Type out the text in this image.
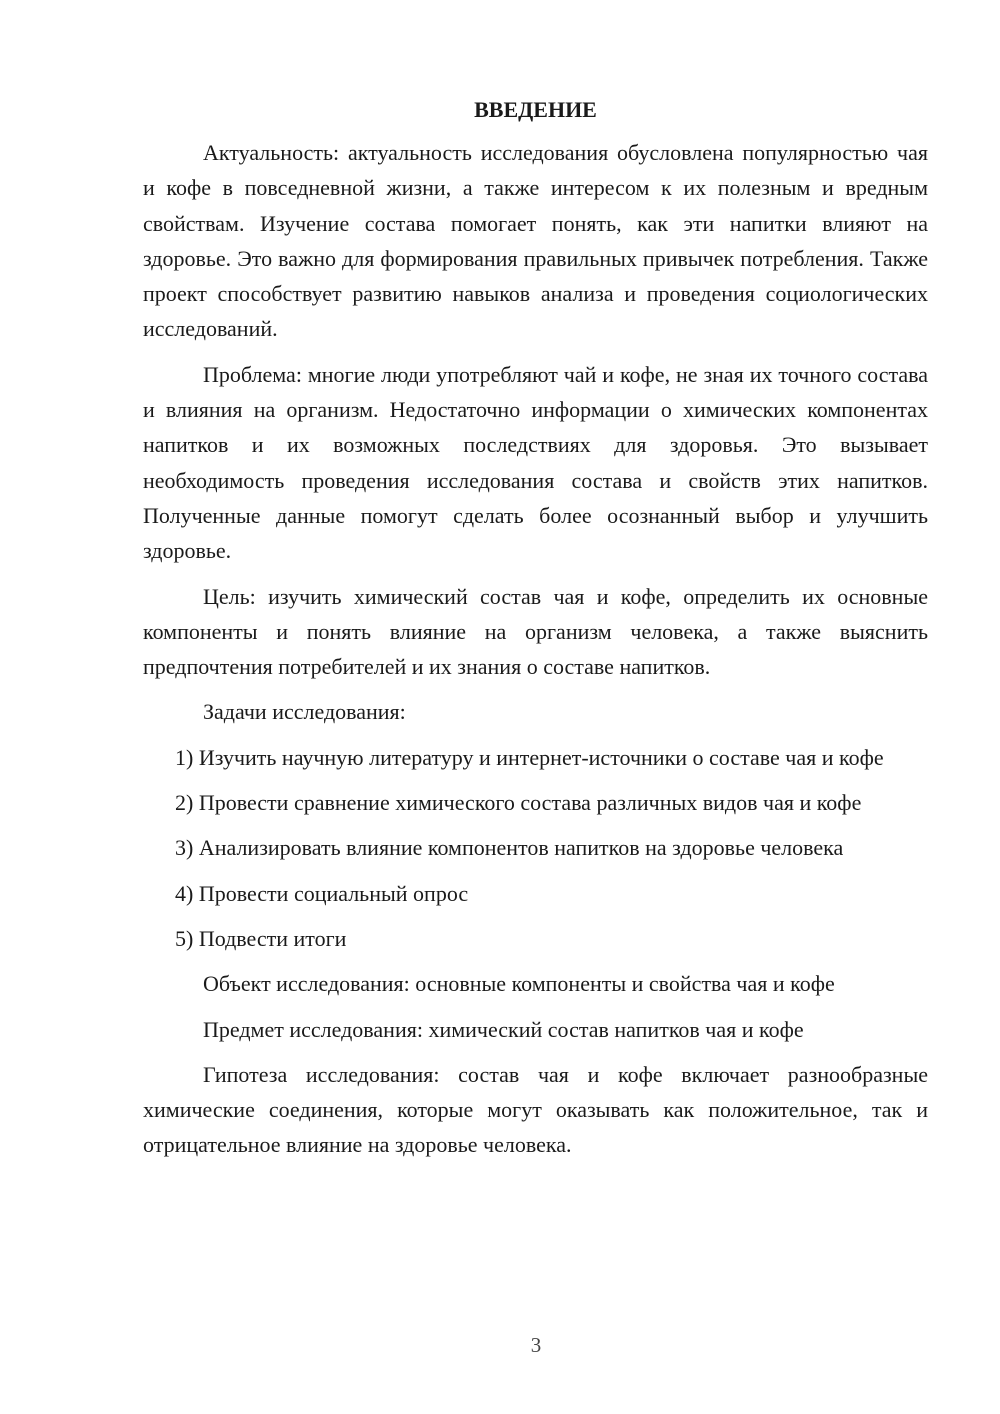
ВВЕДЕНИЕ

Актуальность: актуальность исследования обусловлена популярностью чая и кофе в повседневной жизни, а также интересом к их полезным и вредным свойствам. Изучение состава помогает понять, как эти напитки влияют на здоровье. Это важно для формирования правильных привычек потребления. Также проект способствует развитию навыков анализа и проведения социологических исследований.

Проблема: многие люди употребляют чай и кофе, не зная их точного состава и влияния на организм. Недостаточно информации о химических компонентах напитков и их возможных последствиях для здоровья. Это вызывает необходимость проведения исследования состава и свойств этих напитков. Полученные данные помогут сделать более осознанный выбор и улучшить здоровье.

Цель: изучить химический состав чая и кофе, определить их основные компоненты и понять влияние на организм человека, а также выяснить предпочтения потребителей и их знания о составе напитков.

Задачи исследования:

1) Изучить научную литературу и интернет-источники о составе чая и кофе

2) Провести сравнение химического состава различных видов чая и кофе

3) Анализировать влияние компонентов напитков на здоровье человека

4) Провести социальный опрос

5) Подвести итоги

Объект исследования: основные компоненты и свойства чая и кофе

Предмет исследования: химический состав напитков чая и кофе

Гипотеза исследования: состав чая и кофе включает разнообразные химические соединения, которые могут оказывать как положительное, так и отрицательное влияние на здоровье человека.

3
